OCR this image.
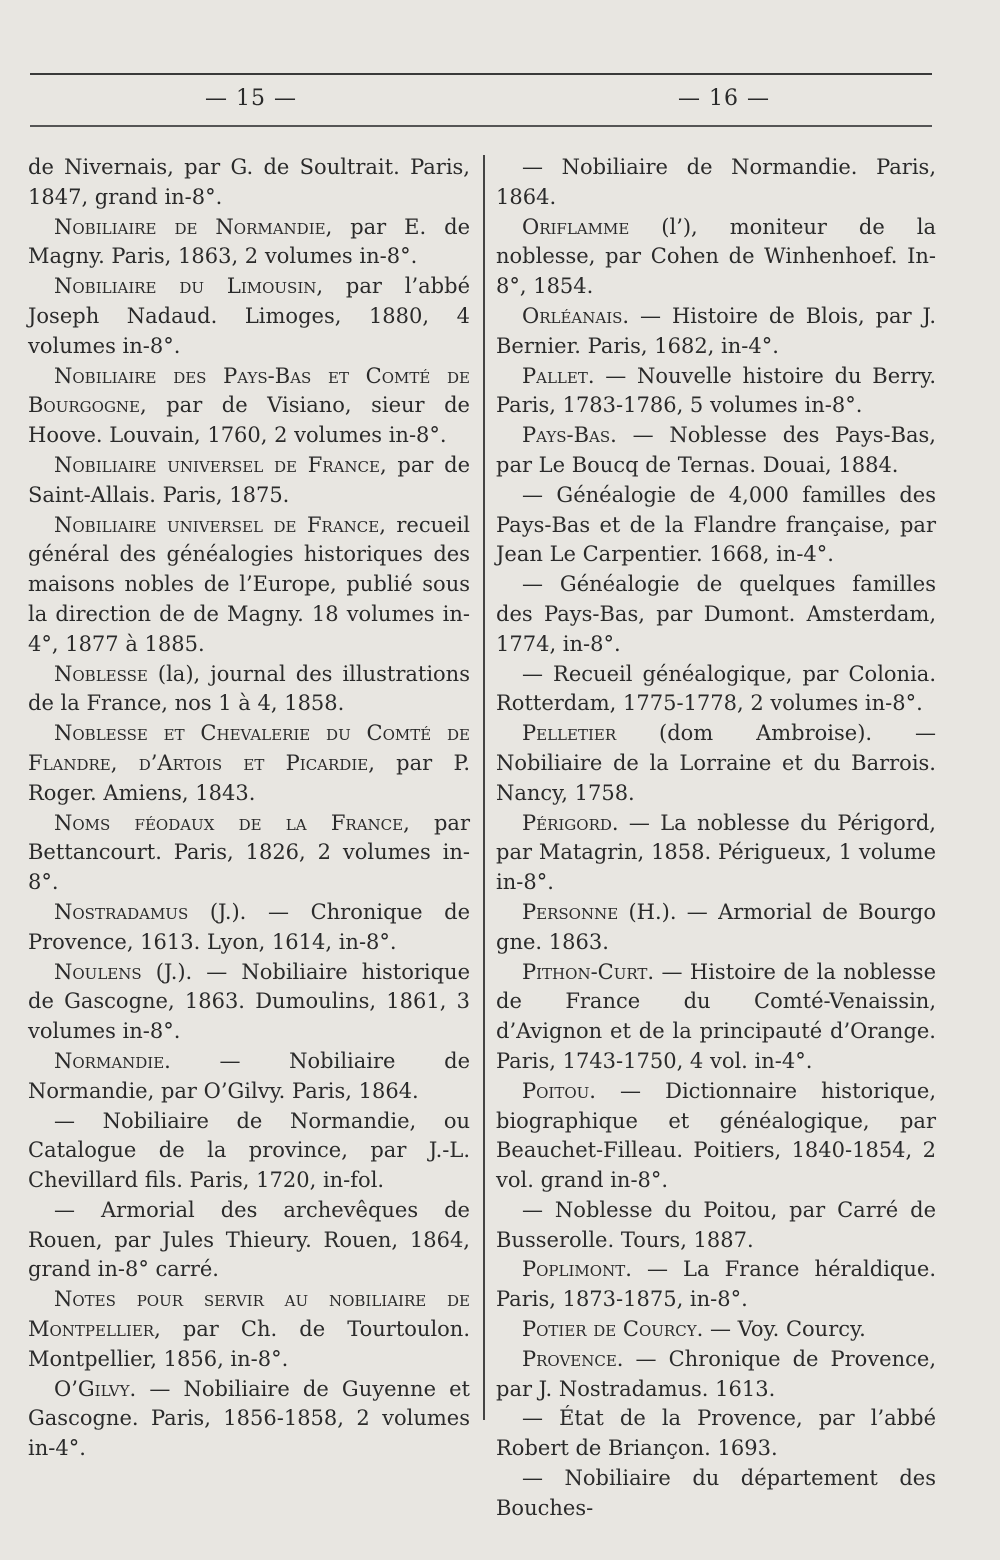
— 15 —	— 16 —

de Nivernais, par G. de Soultrait. Paris, 1847, grand in-8°.

Nobiliaire de Normandie, par E. de Magny. Paris, 1863, 2 volumes in-8°.

Nobiliaire du Limousin, par l’abbé Joseph Nadaud. Limoges, 1880, 4 volumes in-8°.

Nobiliaire des Pays-Bas et Comté de Bourgogne, par de Visiano, sieur de Hoove. Louvain, 1760, 2 volumes in-8°.

Nobiliaire universel de France, par de Saint-Allais. Paris, 1875.

Nobiliaire universel de France, recueil général des généalogies historiques des maisons nobles de l’Europe, publié sous la direction de de Magny. 18 volumes in-4°, 1877 à 1885.

Noblesse (la), journal des illustrations de la France, nos 1 à 4, 1858.

Noblesse et Chevalerie du Comté de Flandre, d’Artois et Picardie, par P. Roger. Amiens, 1843.

Noms féodaux de la France, par Bettancourt. Paris, 1826, 2 volumes in-8°.

Nostradamus (J.). — Chronique de Provence, 1613. Lyon, 1614, in-8°.

Noulens (J.). — Nobiliaire historique de Gascogne, 1863. Dumoulins, 1861, 3 volumes in-8°.

Normandie. — Nobiliaire de Normandie, par O’Gilvy. Paris, 1864.

— Nobiliaire de Normandie, ou Catalogue de la province, par J.-L. Chevillard fils. Paris, 1720, in-fol.

— Armorial des archevêques de Rouen, par Jules Thieury. Rouen, 1864, grand in-8° carré.

Notes pour servir au nobiliaire de Montpellier, par Ch. de Tourtoulon. Montpellier, 1856, in-8°.

O’Gilvy. — Nobiliaire de Guyenne et Gascogne. Paris, 1856-1858, 2 volumes in-4°.

— Nobiliaire de Normandie. Paris, 1864.

Oriflamme (l’), moniteur de la noblesse, par Cohen de Winhenhoef. In-8°, 1854.

Orléanais. — Histoire de Blois, par J. Bernier. Paris, 1682, in-4°.

Pallet. — Nouvelle histoire du Berry. Paris, 1783-1786, 5 volumes in-8°.

Pays-Bas. — Noblesse des Pays-Bas, par Le Boucq de Ternas. Douai, 1884.

— Généalogie de 4,000 familles des Pays-Bas et de la Flandre française, par Jean Le Carpentier. 1668, in-4°.

— Généalogie de quelques familles des Pays-Bas, par Dumont. Amsterdam, 1774, in-8°.

— Recueil généalogique, par Colonia. Rotterdam, 1775-1778, 2 volumes in-8°.

Pelletier (dom Ambroise). — Nobiliaire de la Lorraine et du Barrois. Nancy, 1758.

Périgord. — La noblesse du Périgord, par Matagrin, 1858. Périgueux, 1 volume in-8°.

Personne (H.). — Armorial de Bourgo gne. 1863.

Pithon-Curt. — Histoire de la noblesse de France du Comté-Venaissin, d’Avignon et de la principauté d’Orange. Paris, 1743-1750, 4 vol. in-4°.

Poitou. — Dictionnaire historique, biographique et généalogique, par Beauchet-Filleau. Poitiers, 1840-1854, 2 vol. grand in-8°.

— Noblesse du Poitou, par Carré de Busserolle. Tours, 1887.

Poplimont. — La France héraldique. Paris, 1873-1875, in-8°.

Potier de Courcy. — Voy. Courcy.

Provence. — Chronique de Provence, par J. Nostradamus. 1613.

— État de la Provence, par l’abbé Robert de Briançon. 1693.

— Nobiliaire du département des Bouches-
